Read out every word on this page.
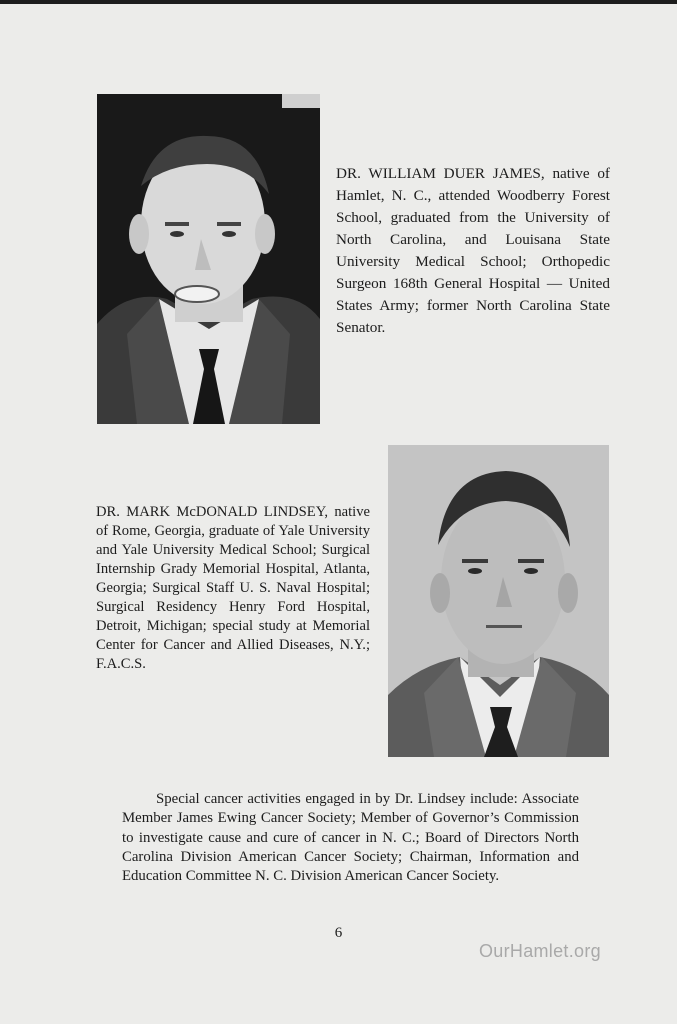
DR. WILLIAM DUER JAMES, native of Hamlet, N. C., attended Woodberry Forest School, graduated from the University of North Carolina, and Louisana State University Medical School; Orthopedic Surgeon 168th General Hospital — United States Army; former North Carolina State Senator.

DR. MARK McDONALD LINDSEY, native of Rome, Georgia, graduate of Yale University and Yale University Medical School; Surgical Internship Grady Memorial Hospital, Atlanta, Georgia; Surgical Staff U. S. Naval Hospital; Surgical Residency Henry Ford Hospital, Detroit, Michigan; special study at Memorial Center for Cancer and Allied Diseases, N.Y.; F.A.C.S.

Special cancer activities engaged in by Dr. Lindsey include: Associate Member James Ewing Cancer Society; Member of Governor’s Commission to investigate cause and cure of cancer in N. C.; Board of Directors North Carolina Division American Cancer Society; Chairman, Information and Education Committee N. C. Division American Cancer Society.

6
OurHamlet.org
